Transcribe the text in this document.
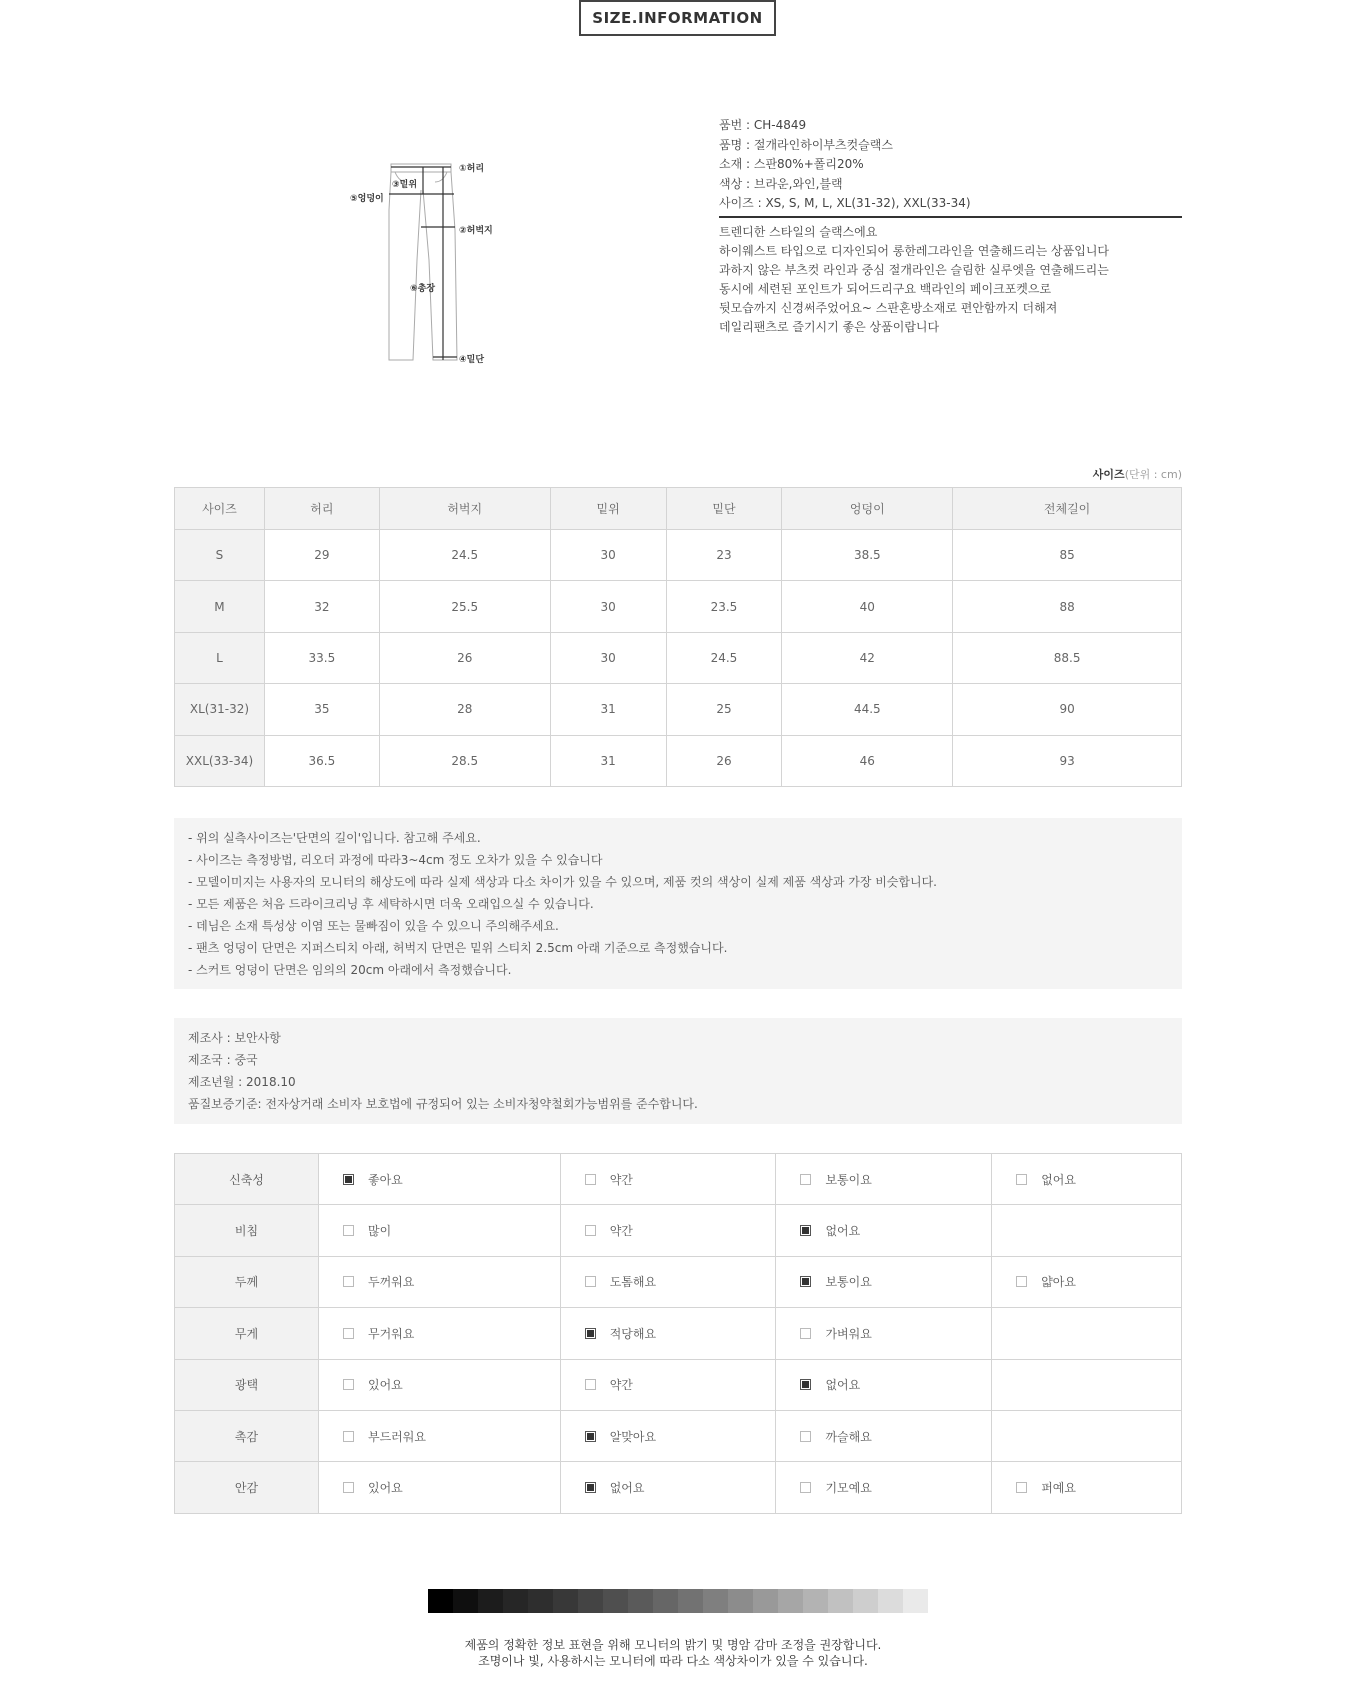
SIZE.INFORMATION
①허리
③밑위
⑤엉덩이
②허벅지
⑥총장
④밑단
품번 : CH-4849
품명 : 절개라인하이부츠컷슬랙스
소재 : 스판80%+폴리20%
색상 : 브라운,와인,블랙
사이즈 : XS, S, M, L, XL(31-32), XXL(33-34)
트렌디한 스타일의 슬랙스에요
하이웨스트 타입으로 디자인되어 롱한레그라인을 연출해드리는 상품입니다
과하지 않은 부츠컷 라인과 중심 절개라인은 슬림한 실루엣을 연출해드리는
동시에 세련된 포인트가 되어드리구요 백라인의 페이크포켓으로
뒷모습까지 신경써주었어요~ 스판혼방소재로 편안함까지 더해져
데일리팬츠로 즐기시기 좋은 상품이랍니다
사이즈(단위 : cm)
사이즈	허리	허벅지	밑위	밑단	엉덩이	전체길이
S	29	24.5	30	23	38.5	85
M	32	25.5	30	23.5	40	88
L	33.5	26	30	24.5	42	88.5
XL(31-32)	35	28	31	25	44.5	90
XXL(33-34)	36.5	28.5	31	26	46	93
- 위의 실측사이즈는'단면의 길이'입니다. 참고해 주세요.
- 사이즈는 측정방법, 리오더 과정에 따라3~4cm 정도 오차가 있을 수 있습니다
- 모델이미지는 사용자의 모니터의 해상도에 따라 실제 색상과 다소 차이가 있을 수 있으며, 제품 컷의 색상이 실제 제품 색상과 가장 비슷합니다.
- 모든 제품은 처음 드라이크리닝 후 세탁하시면 더욱 오래입으실 수 있습니다.
- 데님은 소재 특성상 이염 또는 물빠짐이 있을 수 있으니 주의해주세요.
- 팬츠 엉덩이 단면은 지퍼스티치 아래, 허벅지 단면은 밑위 스티치 2.5cm 아래 기준으로 측정했습니다.
- 스커트 엉덩이 단면은 임의의 20cm 아래에서 측정했습니다.
제조사 : 보안사항
제조국 : 중국
제조년월 : 2018.10
품질보증기준: 전자상거래 소비자 보호법에 규정되어 있는 소비자청약철회가능범위를 준수합니다.
신축성	좋아요	약간	보통이요	없어요
비침	많이	약간	없어요	
두께	두꺼워요	도톰해요	보통이요	얇아요
무게	무거워요	적당해요	가벼워요	
광택	있어요	약간	없어요	
촉감	부드러워요	알맞아요	까슬해요	
안감	있어요	없어요	기모예요	퍼예요
제품의 정확한 정보 표현을 위해 모니터의 밝기 및 명암 감마 조정을 권장합니다.
조명이나 빛, 사용하시는 모니터에 따라 다소 색상차이가 있을 수 있습니다.
